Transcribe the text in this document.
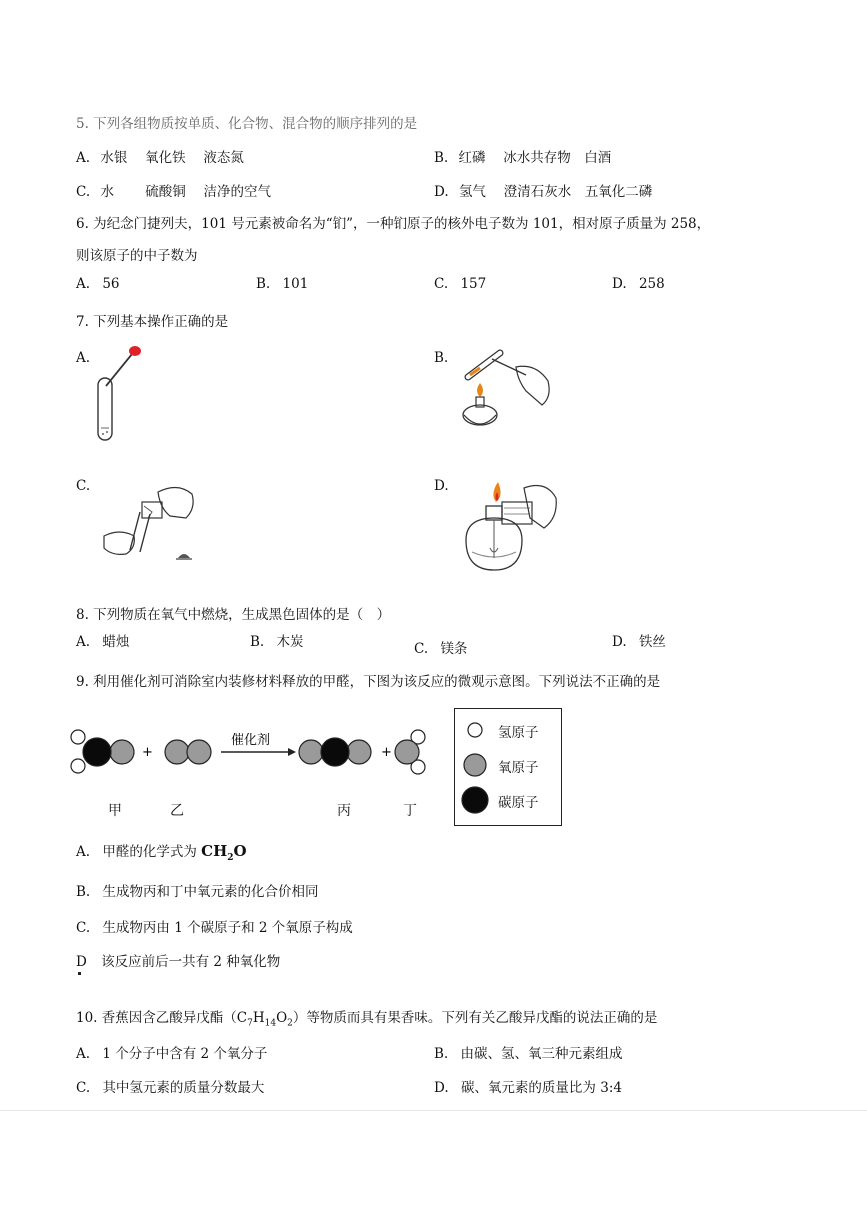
5. 下列各组物质按单质、化合物、混合物的顺序排列的是
A. 水银　 氧化铁　 液态氮	B. 红磷　 冰水共存物　白酒
C. 水　　 硫酸铜　 洁净的空气	D. 氢气　 澄清石灰水　五氧化二磷
6. 为纪念门捷列夫，101 号元素被命名为“钔”，一种钔原子的核外电子数为 101，相对原子质量为 258，
则该原子的中子数为
A. 56	B. 101	C. 157	D. 258
7. 下列基本操作正确的是
A.	B.
C.	D.
8. 下列物质在氧气中燃烧，生成黑色固体的是（　）
A. 蜡烛	B. 木炭	C. 镁条	D. 铁丝
9. 利用催化剂可消除室内装修材料释放的甲醛，下图为该反应的微观示意图。下列说法不正确的是
+
催化剂
+
甲	乙	丙	丁
氢原子
氧原子
碳原子
A. 甲醛的化学式为 $CH_2O$
B. 生成物丙和丁中氧元素的化合价相同
C. 生成物丙由 1 个碳原子和 2 个氧原子构成
D 该反应前后一共有 2 种氧化物
10. 香蕉因含乙酸异戊酯$(C_7H_{14}O_2)$等物质而具有果香味。下列有关乙酸异戊酯的说法正确的是
A. 1 个分子中含有 2 个氧分子	B. 由碳、氢、氧三种元素组成
C. 其中氢元素的质量分数最大	D. 碳、氧元素的质量比为 3:4
